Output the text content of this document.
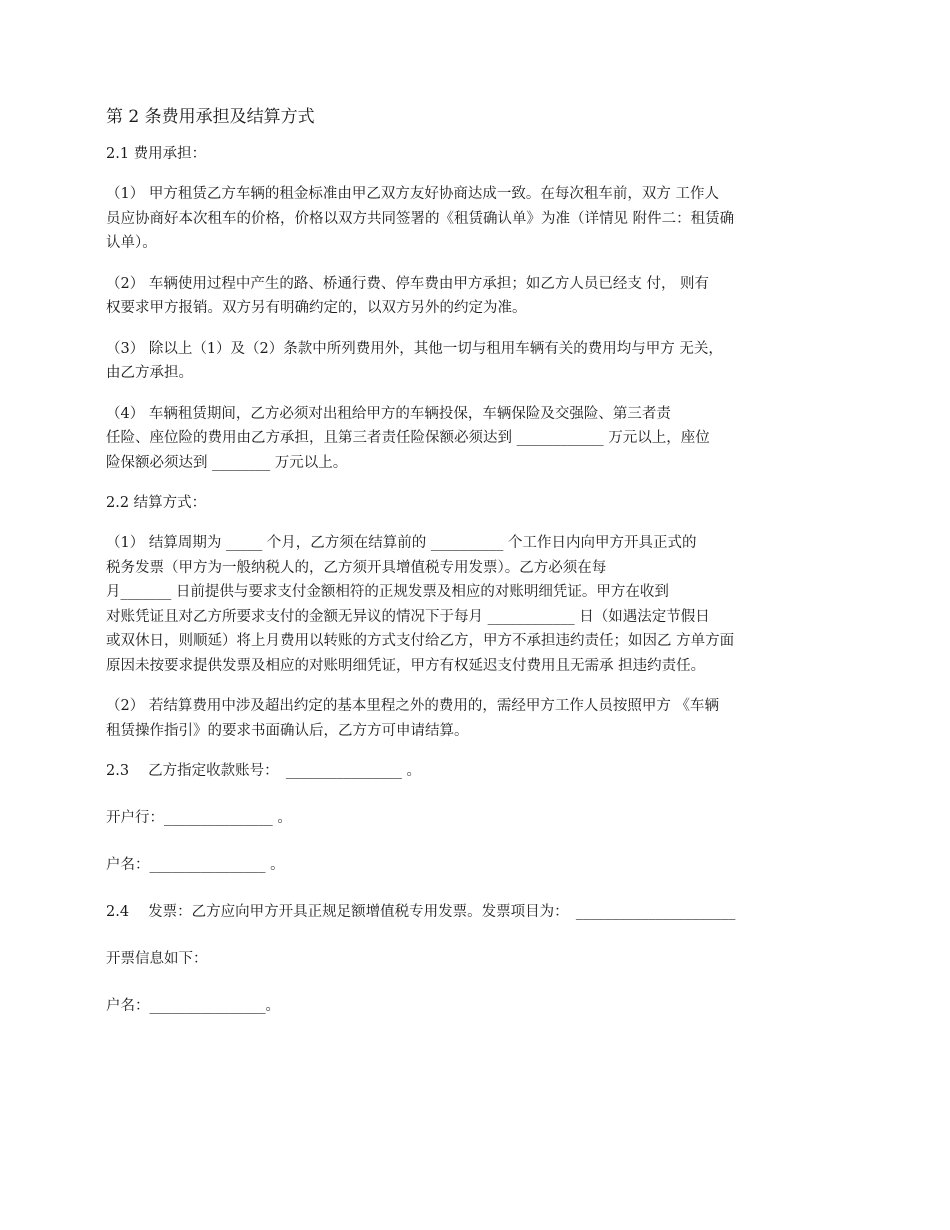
第 2 条费用承担及结算方式
2.1 费用承担：
（1） 甲方租赁乙方车辆的租金标准由甲乙双方友好协商达成一致。在每次租车前，双方 工作人
员应协商好本次租车的价格，价格以双方共同签署的《租赁确认单》为准（详情见 附件二：租赁确
认单）。
（2） 车辆使用过程中产生的路、桥通行费、停车费由甲方承担；如乙方人员已经支 付， 则有
权要求甲方报销。双方另有明确约定的，以双方另外的约定为准。
（3） 除以上（1）及（2）条款中所列费用外，其他一切与租用车辆有关的费用均与甲方 无关，
由乙方承担。
（4） 车辆租赁期间，乙方必须对出租给甲方的车辆投保，车辆保险及交强险、第三者责
任险、座位险的费用由乙方承担，且第三者责任险保额必须达到 ____________ 万元以上，座位
险保额必须达到 ________ 万元以上。
2.2 结算方式：
（1） 结算周期为 _____ 个月，乙方须在结算前的 __________ 个工作日内向甲方开具正式的
税务发票（甲方为一般纳税人的，乙方须开具增值税专用发票）。乙方必须在每
月_______ 日前提供与要求支付金额相符的正规发票及相应的对账明细凭证。甲方在收到
对账凭证且对乙方所要求支付的金额无异议的情况下于每月 ____________ 日（如遇法定节假日
或双休日，则顺延）将上月费用以转账的方式支付给乙方，甲方不承担违约责任；如因乙 方单方面
原因未按要求提供发票及相应的对账明细凭证，甲方有权延迟支付费用且无需承 担违约责任。
（2） 若结算费用中涉及超出约定的基本里程之外的费用的，需经甲方工作人员按照甲方 《车辆
租赁操作指引》的要求书面确认后，乙方方可申请结算。
2.3　 乙方指定收款账号：　________________ 。
开户行：_______________ 。
户名：________________ 。
2.4　 发票：乙方应向甲方开具正规足额增值税专用发票。发票项目为：　______________________
开票信息如下：
户名：________________。
